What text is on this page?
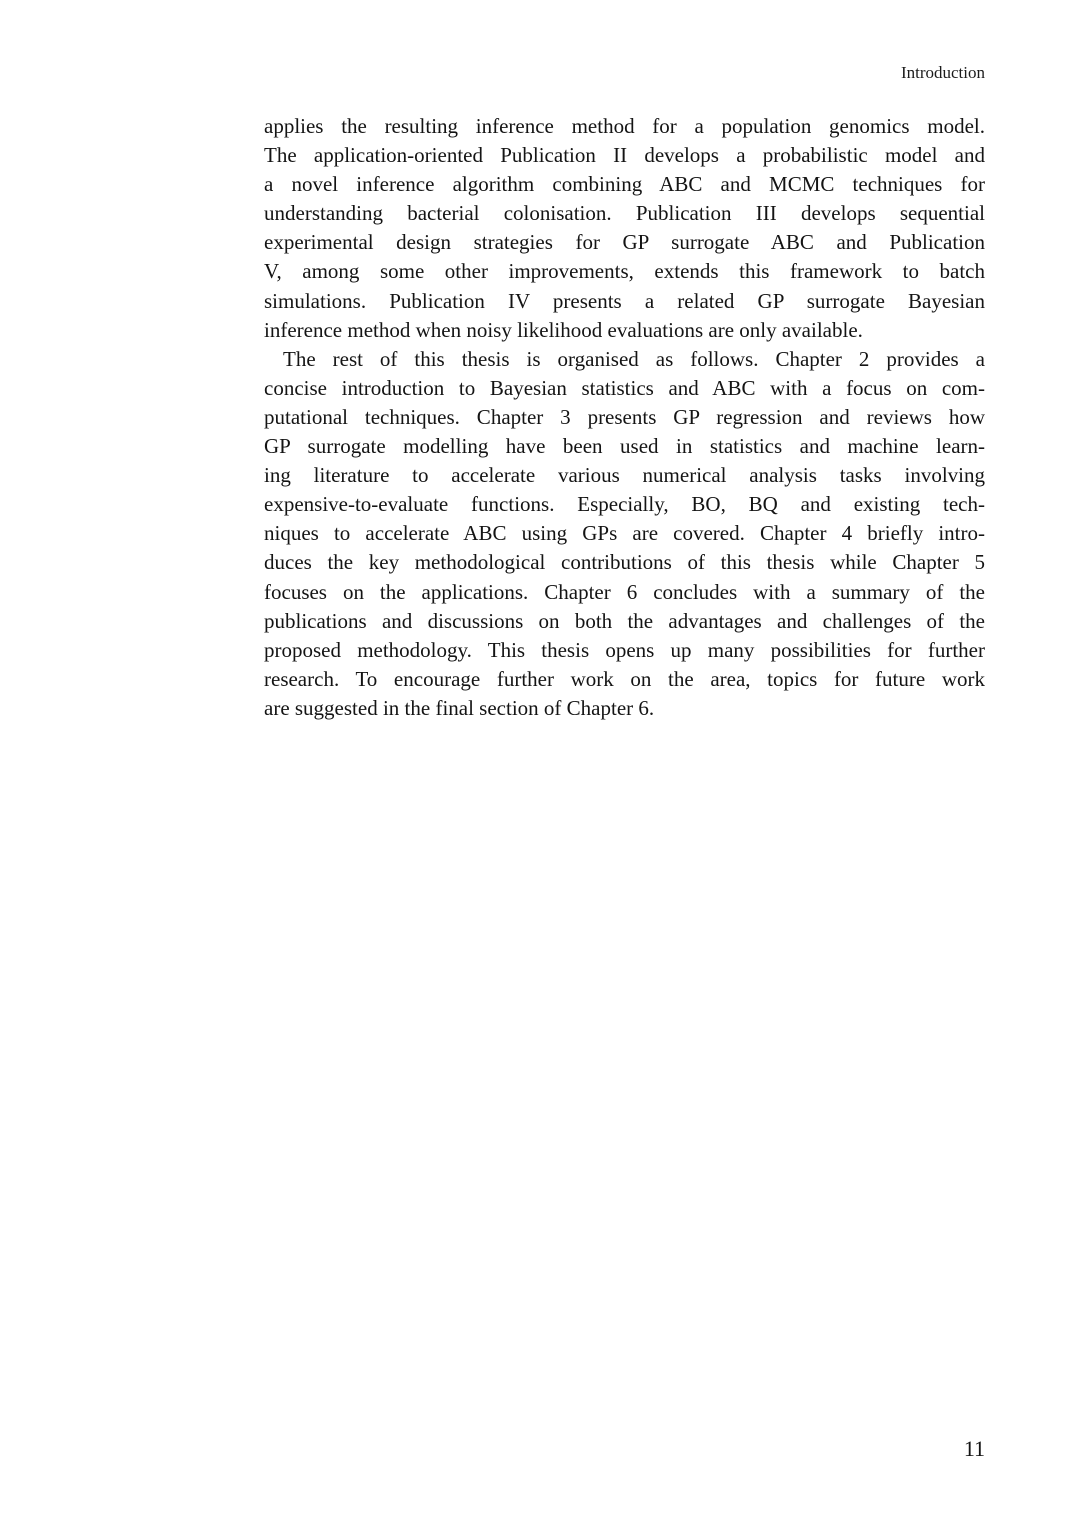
Introduction
applies the resulting inference method for a population genomics model.
The application-oriented Publication II develops a probabilistic model and
a novel inference algorithm combining ABC and MCMC techniques for
understanding bacterial colonisation. Publication III develops sequential
experimental design strategies for GP surrogate ABC and Publication
V, among some other improvements, extends this framework to batch
simulations. Publication IV presents a related GP surrogate Bayesian
inference method when noisy likelihood evaluations are only available.
The rest of this thesis is organised as follows. Chapter 2 provides a
concise introduction to Bayesian statistics and ABC with a focus on com-
putational techniques. Chapter 3 presents GP regression and reviews how
GP surrogate modelling have been used in statistics and machine learn-
ing literature to accelerate various numerical analysis tasks involving
expensive-to-evaluate functions. Especially, BO, BQ and existing tech-
niques to accelerate ABC using GPs are covered. Chapter 4 briefly intro-
duces the key methodological contributions of this thesis while Chapter 5
focuses on the applications. Chapter 6 concludes with a summary of the
publications and discussions on both the advantages and challenges of the
proposed methodology. This thesis opens up many possibilities for further
research. To encourage further work on the area, topics for future work
are suggested in the final section of Chapter 6.
11
